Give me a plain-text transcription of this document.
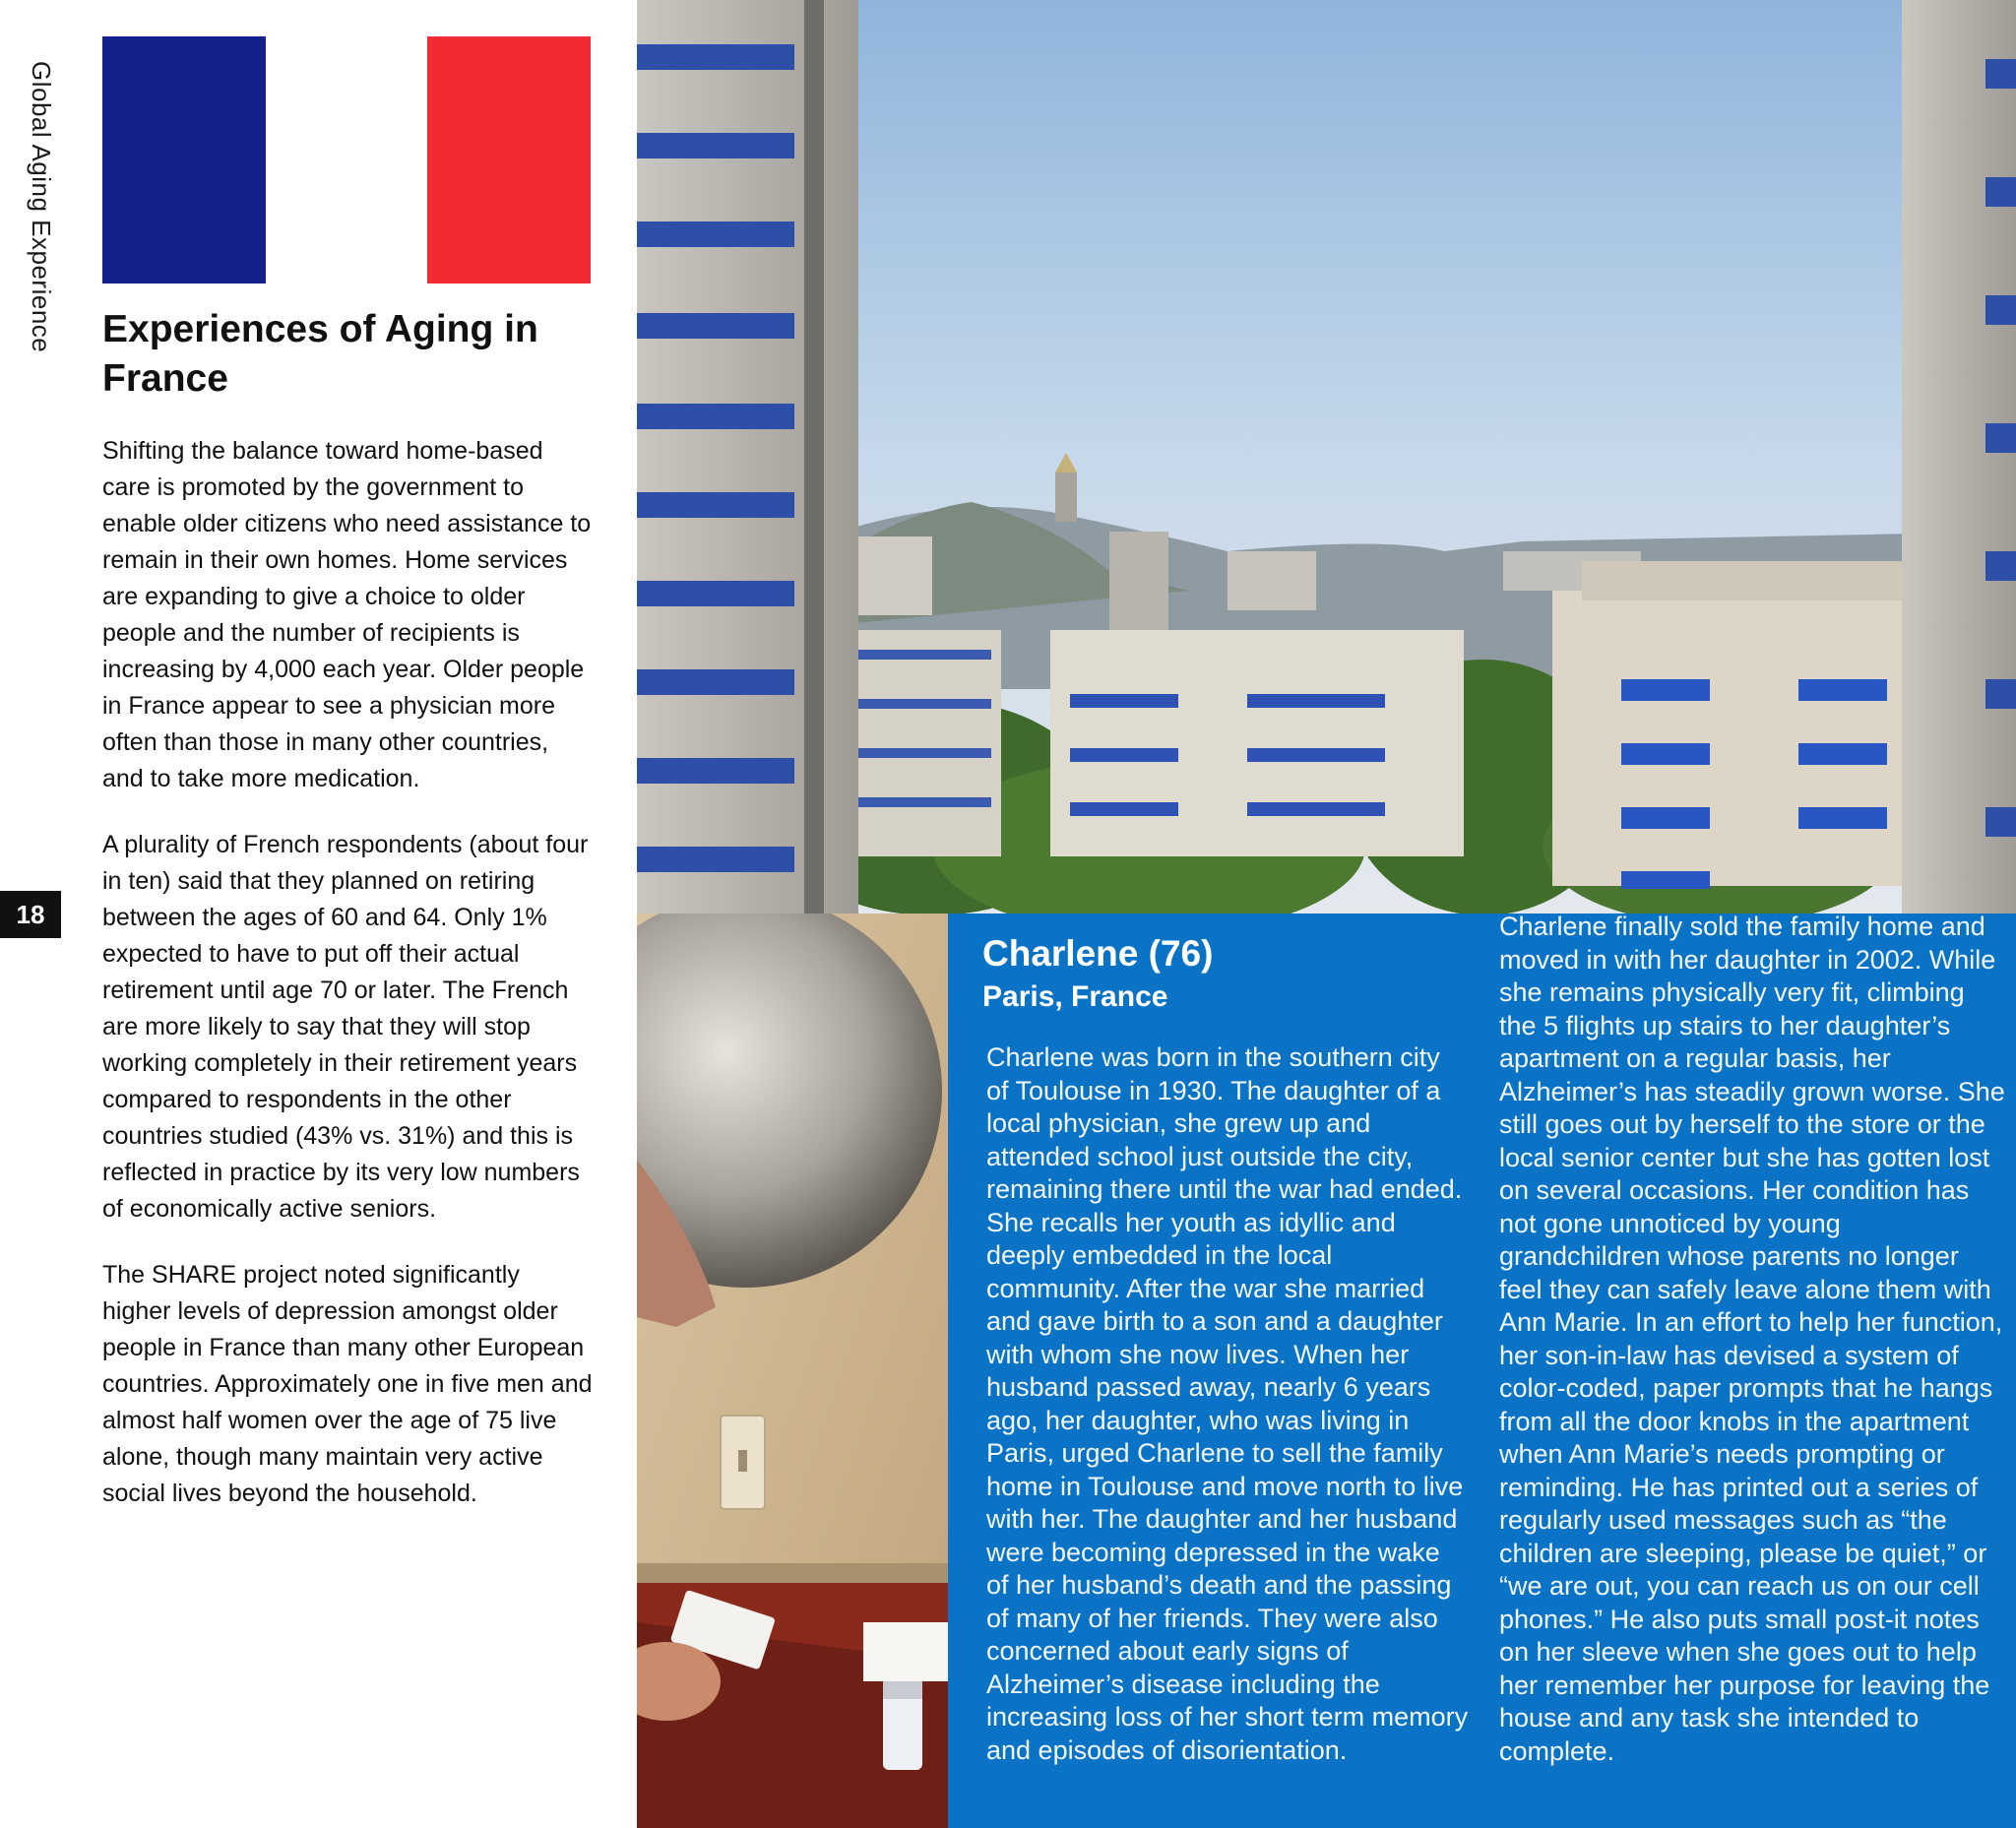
Global Aging Experience
18
Experiences of Aging in France

Shifting the balance toward home-based care is promoted by the government to enable older citizens who need assistance to remain in their own homes. Home services are expanding to give a choice to older people and the number of recipients is increasing by 4,000 each year. Older people in France appear to see a physician more often than those in many other countries, and to take more medication.

A plurality of French respondents (about four in ten) said that they planned on retiring between the ages of 60 and 64. Only 1% expected to have to put off their actual retirement until age 70 or later. The French are more likely to say that they will stop working completely in their retirement years compared to respondents in the other countries studied (43% vs. 31%) and this is reflected in practice by its very low numbers of economically active seniors.

The SHARE project noted significantly higher levels of depression amongst older people in France than many other European countries. Approximately one in five men and almost half women over the age of 75 live alone, though many maintain very active social lives beyond the household.

Charlene (76)
Paris, France

Charlene was born in the southern city of Toulouse in 1930. The daughter of a local physician, she grew up and attended school just outside the city, remaining there until the war had ended. She recalls her youth as idyllic and deeply embedded in the local community. After the war she married and gave birth to a son and a daughter with whom she now lives. When her husband passed away, nearly 6 years ago, her daughter, who was living in Paris, urged Charlene to sell the family home in Toulouse and move north to live with her. The daughter and her husband were becoming depressed in the wake of her husband’s death and the passing of many of her friends. They were also concerned about early signs of Alzheimer’s disease including the increasing loss of her short term memory and episodes of disorientation.

Charlene finally sold the family home and moved in with her daughter in 2002. While she remains physically very fit, climbing the 5 flights up stairs to her daughter’s apartment on a regular basis, her Alzheimer’s has steadily grown worse. She still goes out by herself to the store or the local senior center but she has gotten lost on several occasions. Her condition has not gone unnoticed by young grandchildren whose parents no longer feel they can safely leave alone them with Ann Marie. In an effort to help her function, her son-in-law has devised a system of color-coded, paper prompts that he hangs from all the door knobs in the apartment when Ann Marie’s needs prompting or reminding. He has printed out a series of regularly used messages such as “the children are sleeping, please be quiet,” or “we are out, you can reach us on our cell phones.” He also puts small post-it notes on her sleeve when she goes out to help her remember her purpose for leaving the house and any task she intended to complete.
